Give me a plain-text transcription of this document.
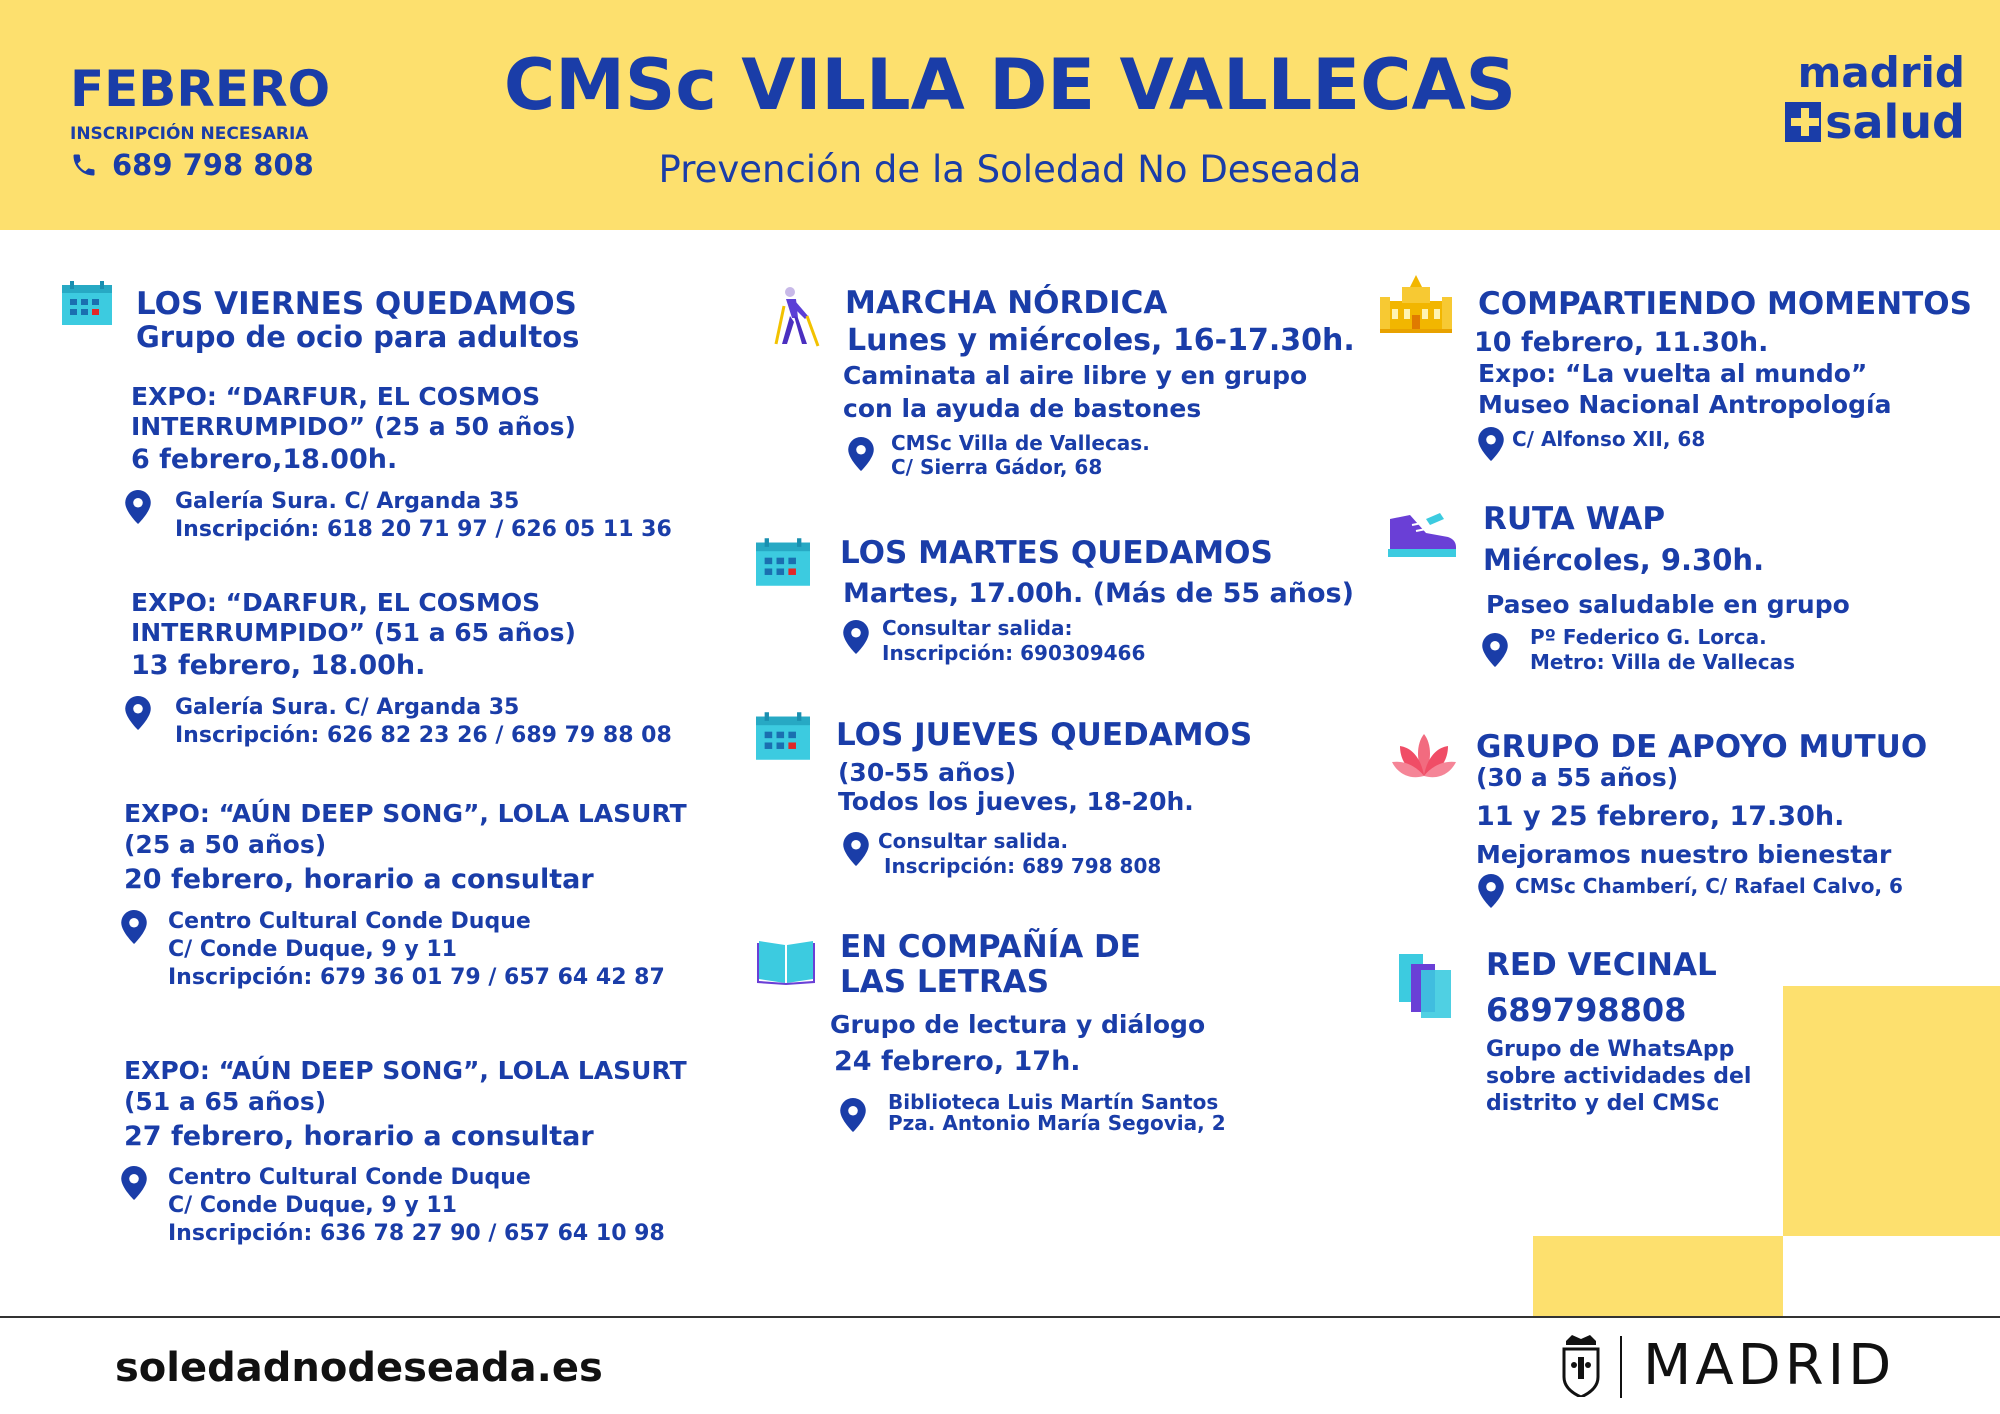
FEBRERO
INSCRIPCIÓN NECESARIA
689 798 808
CMSc VILLA DE VALLECAS
Prevención de la Soledad No Deseada
madrid
salud
LOS VIERNES QUEDAMOS
Grupo de ocio para adultos
EXPO: “DARFUR, EL COSMOS
INTERRUMPIDO” (25 a 50 años)
6 febrero,18.00h.
Galería Sura. C/ Arganda 35
Inscripción: 618 20 71 97 / 626 05 11 36
EXPO: “DARFUR, EL COSMOS
INTERRUMPIDO” (51 a 65 años)
13 febrero, 18.00h.
Galería Sura. C/ Arganda 35
Inscripción: 626 82 23 26 / 689 79 88 08
EXPO: “AÚN DEEP SONG”, LOLA LASURT
(25 a 50 años)
20 febrero, horario a consultar
Centro Cultural Conde Duque
C/ Conde Duque, 9 y 11
Inscripción: 679 36 01 79 / 657 64 42 87
EXPO: “AÚN DEEP SONG”, LOLA LASURT
(51 a 65 años)
27 febrero, horario a consultar
Centro Cultural Conde Duque
C/ Conde Duque, 9 y 11
Inscripción: 636 78 27 90 / 657 64 10 98
MARCHA NÓRDICA
Lunes y miércoles, 16-17.30h.
Caminata al aire libre y en grupo
con la ayuda de bastones
CMSc Villa de Vallecas.
C/ Sierra Gádor, 68
LOS MARTES QUEDAMOS
Martes, 17.00h. (Más de 55 años)
Consultar salida:
Inscripción: 690309466
LOS JUEVES QUEDAMOS
(30-55 años)
Todos los jueves, 18-20h.
Consultar salida.
Inscripción: 689 798 808
EN COMPAÑÍA DE
LAS LETRAS
Grupo de lectura y diálogo
24 febrero, 17h.
Biblioteca Luis Martín Santos
Pza. Antonio María Segovia, 2
COMPARTIENDO MOMENTOS
10 febrero, 11.30h.
Expo: “La vuelta al mundo”
Museo Nacional Antropología
C/ Alfonso XII, 68
RUTA WAP
Miércoles, 9.30h.
Paseo saludable en grupo
Pº Federico G. Lorca.
Metro: Villa de Vallecas
GRUPO DE APOYO MUTUO
(30 a 55 años)
11 y 25 febrero, 17.30h.
Mejoramos nuestro bienestar
CMSc Chamberí, C/ Rafael Calvo, 6
RED VECINAL
689798808
Grupo de WhatsApp
sobre actividades del
distrito y del CMSc
soledadnodeseada.es	MADRID
